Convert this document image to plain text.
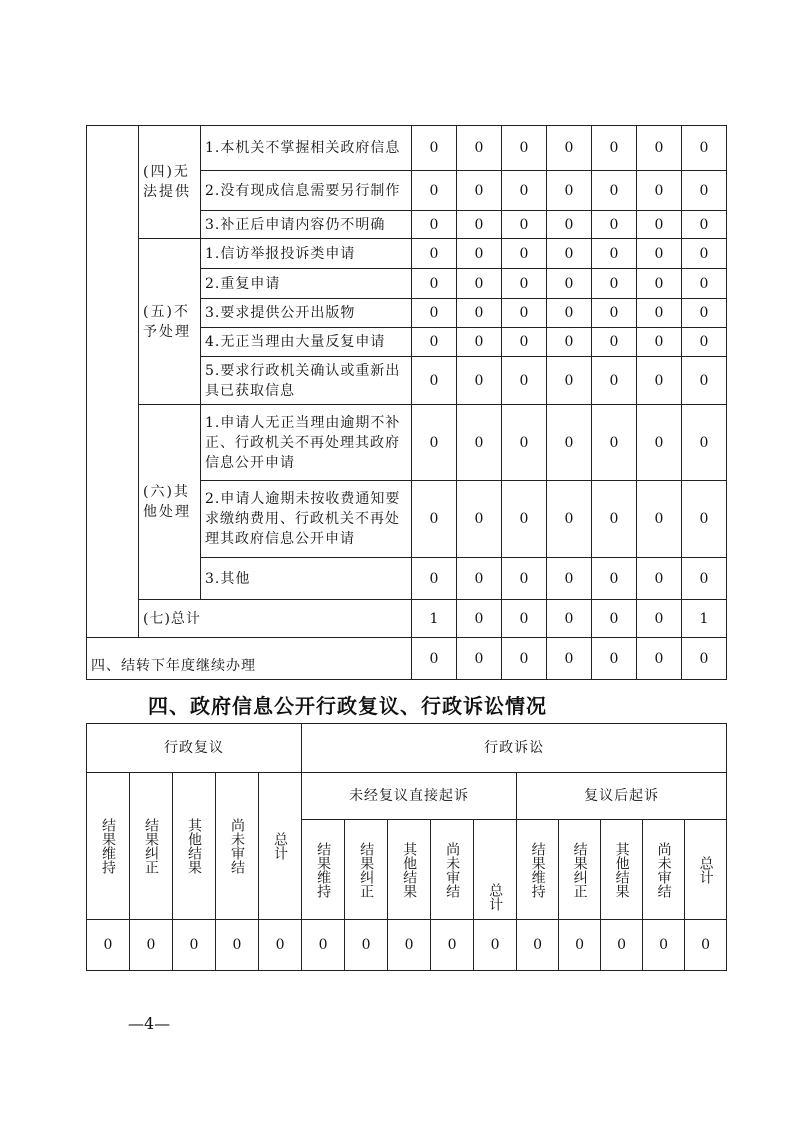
	(四)无法提供	1.本机关不掌握相关政府信息	0	0	0	0	0	0	0
		2.没有现成信息需要另行制作	0	0	0	0	0	0	0
		3.补正后申请内容仍不明确	0	0	0	0	0	0	0
	(五)不予处理	1.信访举报投诉类申请	0	0	0	0	0	0	0
		2.重复申请	0	0	0	0	0	0	0
		3.要求提供公开出版物	0	0	0	0	0	0	0
		4.无正当理由大量反复申请	0	0	0	0	0	0	0
		5.要求行政机关确认或重新出具已获取信息	0	0	0	0	0	0	0
	(六)其他处理	1.申请人无正当理由逾期不补正、行政机关不再处理其政府信息公开申请	0	0	0	0	0	0	0
		2.申请人逾期未按收费通知要求缴纳费用、行政机关不再处理其政府信息公开申请	0	0	0	0	0	0	0
		3.其他	0	0	0	0	0	0	0
	(七)总计		1	0	0	0	0	0	1
四、结转下年度继续办理			0	0	0	0	0	0	0
四、政府信息公开行政复议、行政诉讼情况
行政复议					行政诉讼									

结果维持	结果纠正	其他结果	尚未审结	总计	未经复议直接起诉					复议后起诉				

					结果维持	结果纠正	其他结果	尚未审结	总计	结果维持	结果纠正	其他结果	尚未审结	总计

0	0	0	0	0	0	0	0	0	0	0	0	0	0	0
—4—
